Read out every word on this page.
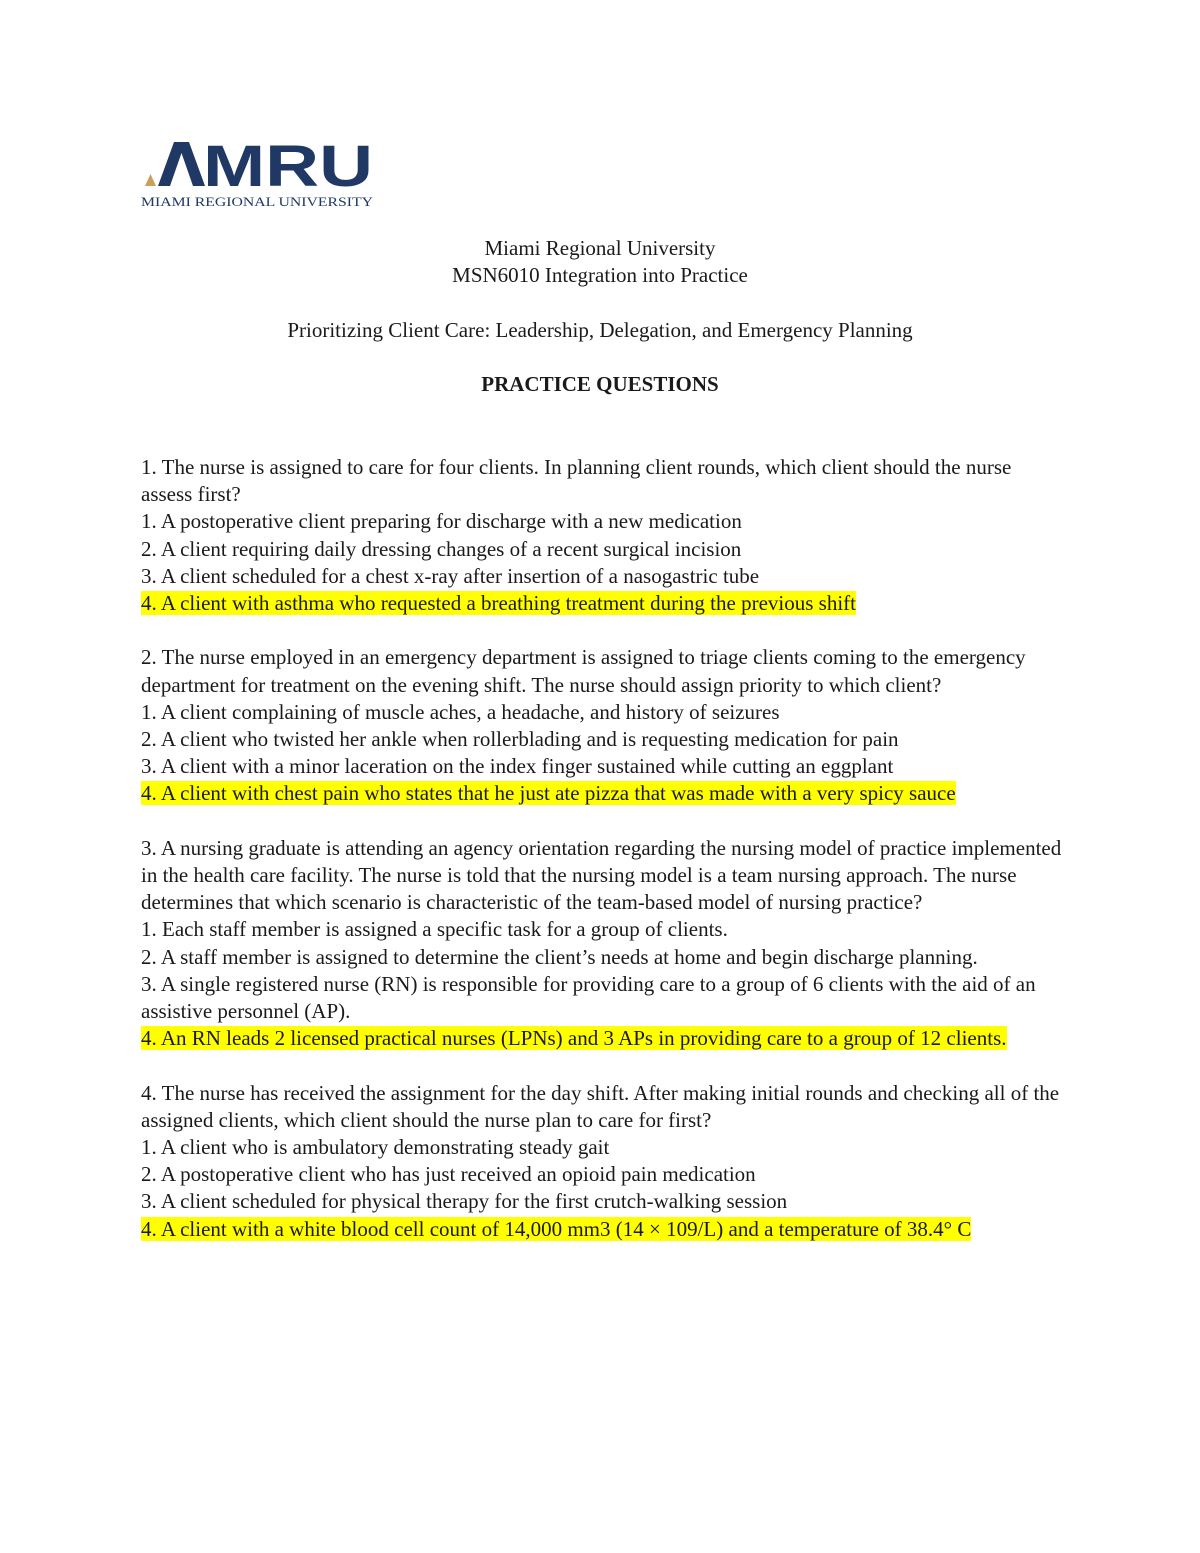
MRU
MIAMI REGIONAL UNIVERSITY
Miami Regional University
MSN6010 Integration into Practice
Prioritizing Client Care: Leadership, Delegation, and Emergency Planning
PRACTICE QUESTIONS
1. The nurse is assigned to care for four clients. In planning client rounds, which client should the nurse assess first?
1. A postoperative client preparing for discharge with a new medication
2. A client requiring daily dressing changes of a recent surgical incision
3. A client scheduled for a chest x-ray after insertion of a nasogastric tube
4. A client with asthma who requested a breathing treatment during the previous shift
2. The nurse employed in an emergency department is assigned to triage clients coming to the emergency department for treatment on the evening shift. The nurse should assign priority to which client?
1. A client complaining of muscle aches, a headache, and history of seizures
2. A client who twisted her ankle when rollerblading and is requesting medication for pain
3. A client with a minor laceration on the index finger sustained while cutting an eggplant
4. A client with chest pain who states that he just ate pizza that was made with a very spicy sauce
3. A nursing graduate is attending an agency orientation regarding the nursing model of practice implemented in the health care facility. The nurse is told that the nursing model is a team nursing approach. The nurse determines that which scenario is characteristic of the team-based model of nursing practice?
1. Each staff member is assigned a specific task for a group of clients.
2. A staff member is assigned to determine the client’s needs at home and begin discharge planning.
3. A single registered nurse (RN) is responsible for providing care to a group of 6 clients with the aid of an assistive personnel (AP).
4. An RN leads 2 licensed practical nurses (LPNs) and 3 APs in providing care to a group of 12 clients.
4. The nurse has received the assignment for the day shift. After making initial rounds and checking all of the assigned clients, which client should the nurse plan to care for first?
1. A client who is ambulatory demonstrating steady gait
2. A postoperative client who has just received an opioid pain medication
3. A client scheduled for physical therapy for the first crutch-walking session
4. A client with a white blood cell count of 14,000 mm3 (14 × 109/L) and a temperature of 38.4° C
